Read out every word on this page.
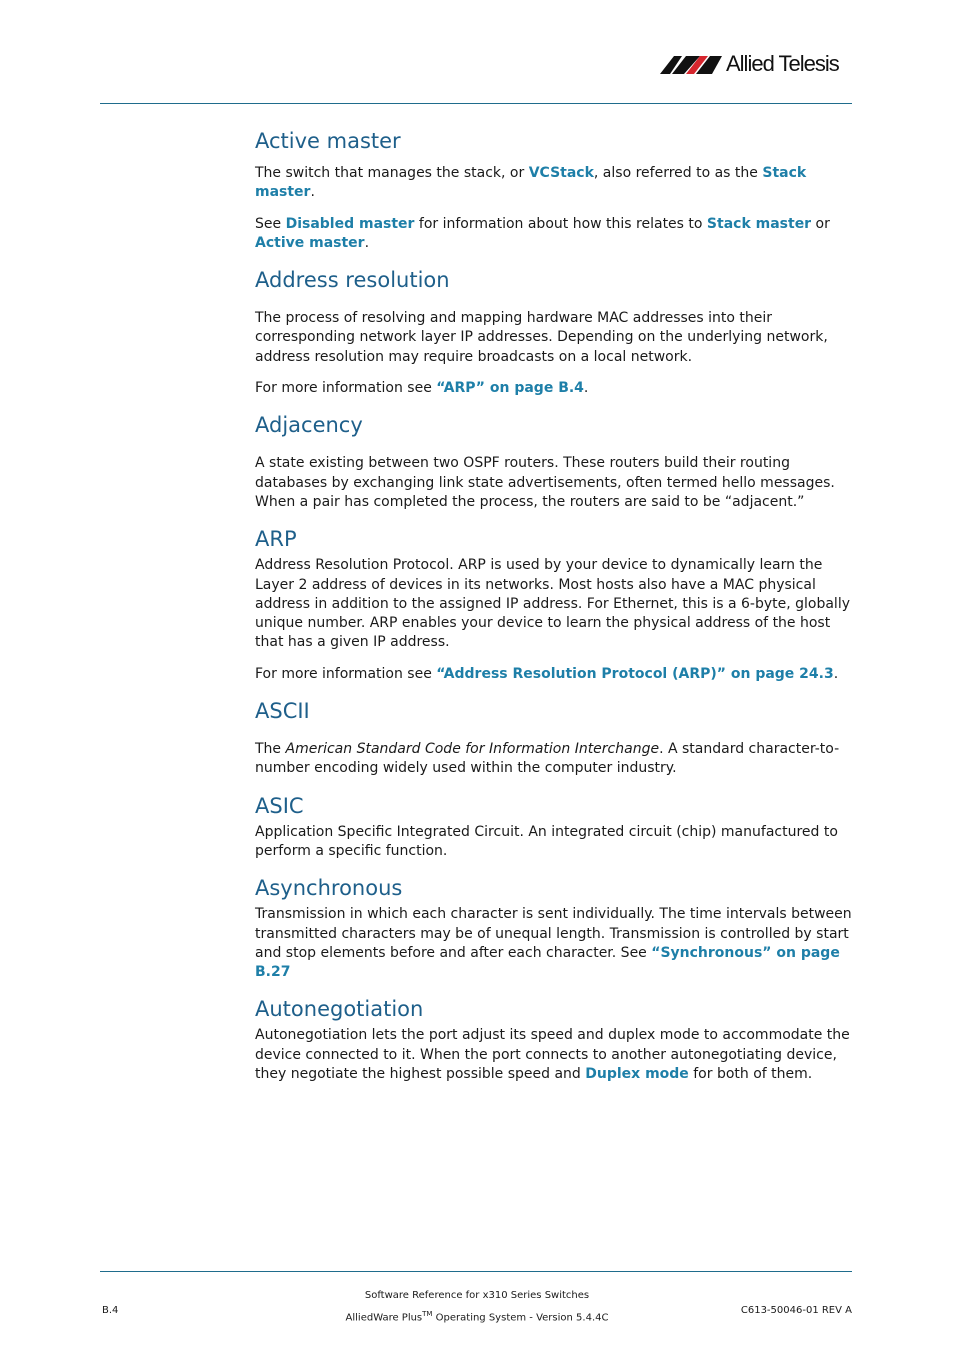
Allied Telesis
Active master

The switch that manages the stack, or VCStack, also referred to as the Stack master.

See Disabled master for information about how this relates to Stack master or Active master.

Address resolution

The process of resolving and mapping hardware MAC addresses into their corresponding network layer IP addresses. Depending on the underlying network, address resolution may require broadcasts on a local network.

For more information see “ARP” on page B.4.

Adjacency

A state existing between two OSPF routers. These routers build their routing databases by exchanging link state advertisements, often termed hello messages. When a pair has completed the process, the routers are said to be “adjacent.”

ARP

Address Resolution Protocol. ARP is used by your device to dynamically learn the Layer 2 address of devices in its networks. Most hosts also have a MAC physical address in addition to the assigned IP address. For Ethernet, this is a 6-byte, globally unique number. ARP enables your device to learn the physical address of the host that has a given IP address.

For more information see “Address Resolution Protocol (ARP)” on page 24.3.

ASCII

The American Standard Code for Information Interchange. A standard character-to-number encoding widely used within the computer industry.

ASIC

Application Specific Integrated Circuit. An integrated circuit (chip) manufactured to perform a specific function.

Asynchronous

Transmission in which each character is sent individually. The time intervals between transmitted characters may be of unequal length. Transmission is controlled by start and stop elements before and after each character. See “Synchronous” on page B.27

Autonegotiation

Autonegotiation lets the port adjust its speed and duplex mode to accommodate the device connected to it. When the port connects to another autonegotiating device, they negotiate the highest possible speed and Duplex mode for both of them.

Software Reference for x310 Series Switches
AlliedWare Plus™ Operating System - Version 5.4.4C
B.4	C613-50046-01 REV A
